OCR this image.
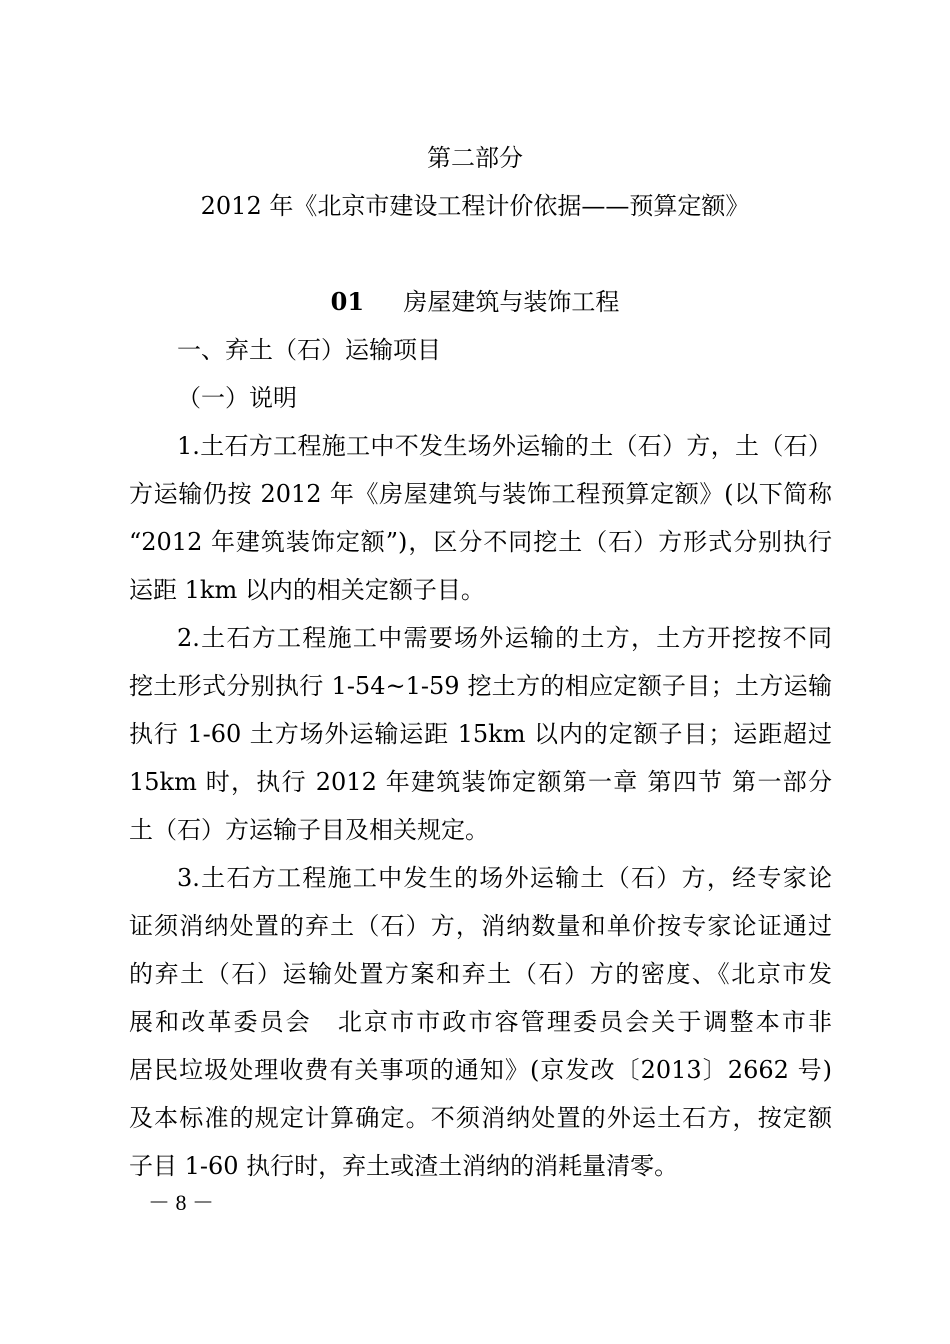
第二部分
2012 年《北京市建设工程计价依据——预算定额》
01 房屋建筑与装饰工程
一、弃土（石）运输项目
（一）说明
1.土石方工程施工中不发生场外运输的土（石）方，土（石）
方运输仍按 2012 年《房屋建筑与装饰工程预算定额》(以下简称
“2012 年建筑装饰定额”)，区分不同挖土（石）方形式分别执行
运距 1km 以内的相关定额子目。
2.土石方工程施工中需要场外运输的土方，土方开挖按不同
挖土形式分别执行 1-54~1-59 挖土方的相应定额子目；土方运输
执行 1-60 土方场外运输运距 15km 以内的定额子目；运距超过
15km 时，执行 2012 年建筑装饰定额第一章 第四节 第一部分
土（石）方运输子目及相关规定。
3.土石方工程施工中发生的场外运输土（石）方，经专家论
证须消纳处置的弃土（石）方，消纳数量和单价按专家论证通过
的弃土（石）运输处置方案和弃土（石）方的密度、《北京市发
展和改革委员会　北京市市政市容管理委员会关于调整本市非
居民垃圾处理收费有关事项的通知》(京发改〔2013〕2662 号)
及本标准的规定计算确定。不须消纳处置的外运土石方，按定额
子目 1-60 执行时，弃土或渣土消纳的消耗量清零。
－ 8 －
